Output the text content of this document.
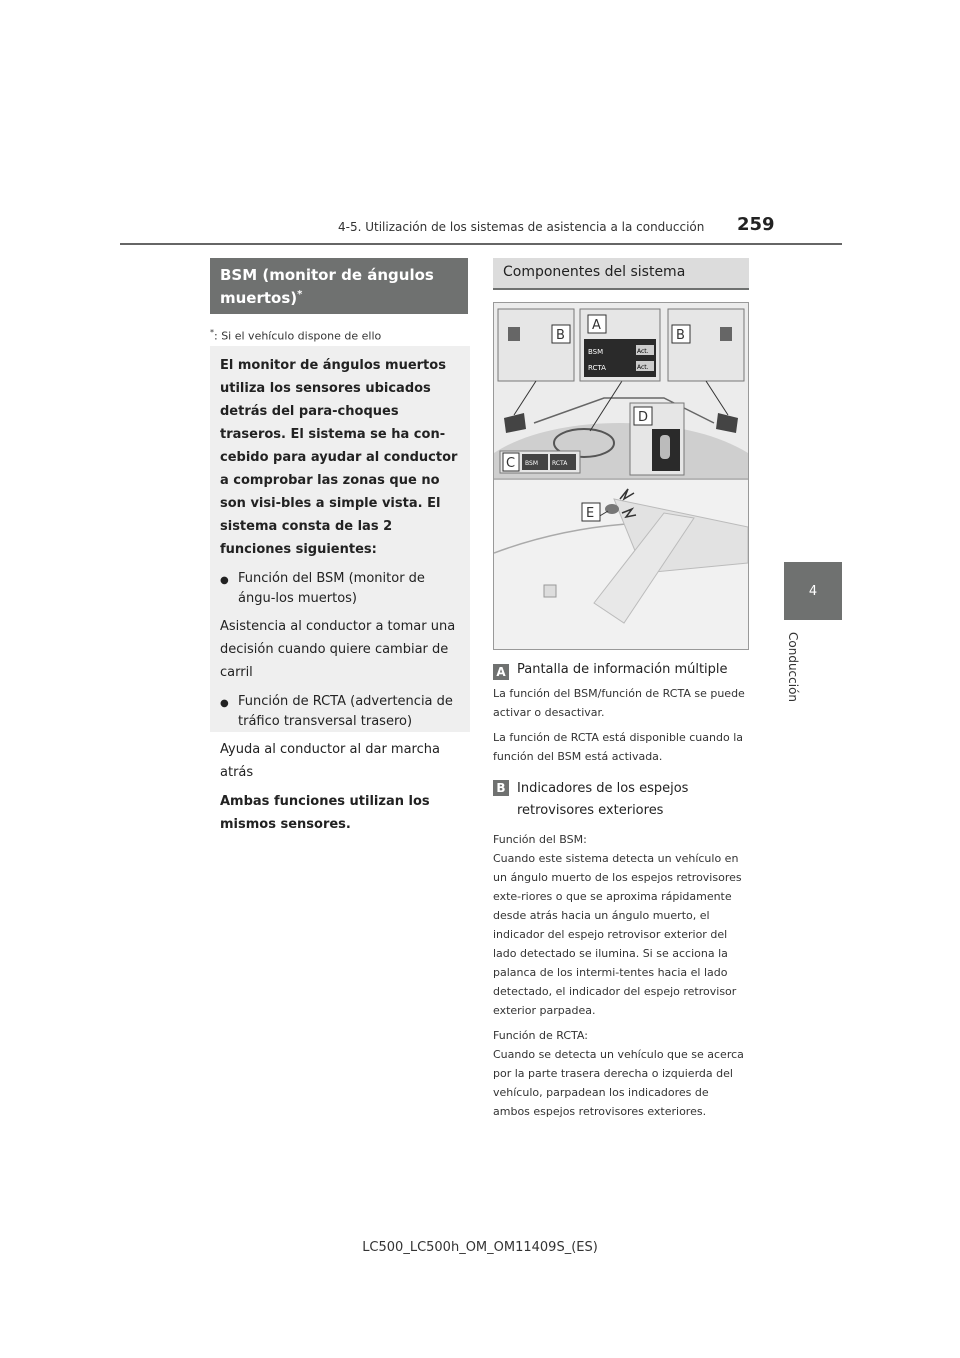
4-5. Utilización de los sistemas de asistencia a la conducción 259
4
Conducción
BSM (monitor de ángulos
muertos)*
*: Si el vehículo dispone de ello

El monitor de ángulos muertos utiliza los sensores ubicados detrás del para-choques traseros. El sistema se ha con-cebido para ayudar al conductor a comprobar las zonas que no son visi-bles a simple vista. El sistema consta de las 2 funciones siguientes:

● Función del BSM (monitor de ángu-los muertos)

Asistencia al conductor a tomar una decisión cuando quiere cambiar de carril

● Función de RCTA (advertencia de tráfico transversal trasero)

Ayuda al conductor al dar marcha atrás

Ambas funciones utilizan los mismos sensores.

Componentes del sistema
BSM	Act.
RCTA	Act.
A
B	B
D
BSM RCTA
C
E
A Pantalla de información múltiple

La función del BSM/función de RCTA se puede activar o desactivar.

La función de RCTA está disponible cuando la función del BSM está activada.

B Indicadores de los espejos retrovisores exteriores

Función del BSM:

Cuando este sistema detecta un vehículo en un ángulo muerto de los espejos retrovisores exte-riores o que se aproxima rápidamente desde atrás hacia un ángulo muerto, el indicador del espejo retrovisor exterior del lado detectado se ilumina. Si se acciona la palanca de los intermi-tentes hacia el lado detectado, el indicador del espejo retrovisor exterior parpadea.

Función de RCTA:

Cuando se detecta un vehículo que se acerca por la parte trasera derecha o izquierda del vehículo, parpadean los indicadores de ambos espejos retrovisores exteriores.

LC500_LC500h_OM_OM11409S_(ES)
